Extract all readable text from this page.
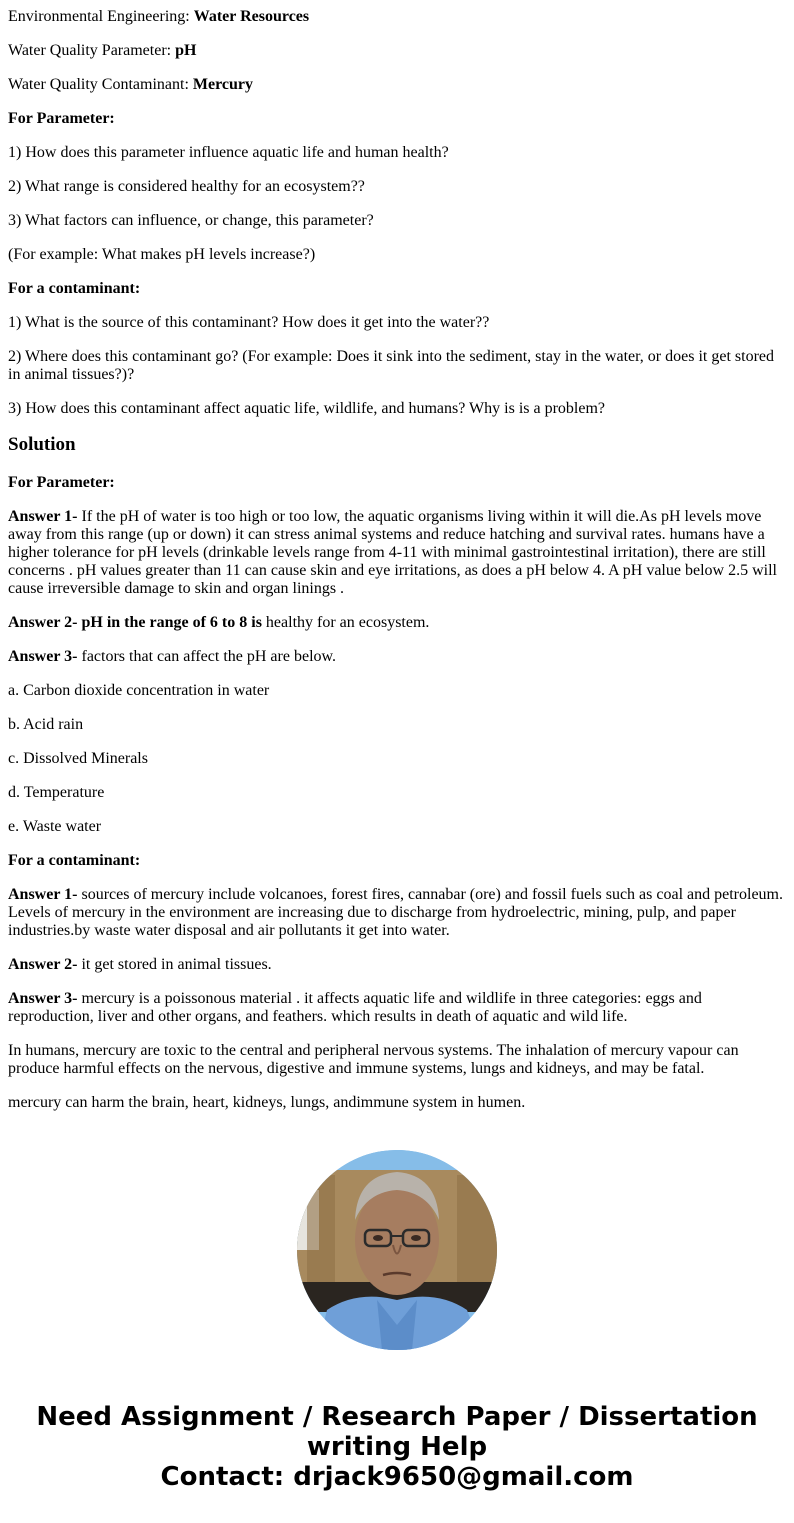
Environmental Engineering: Water Resources

Water Quality Parameter: pH

Water Quality Contaminant: Mercury

For Parameter:

1) How does this parameter influence aquatic life and human health?

2) What range is considered healthy for an ecosystem??

3) What factors can influence, or change, this parameter?

(For example: What makes pH levels increase?)

For a contaminant:

1) What is the source of this contaminant? How does it get into the water??

2) Where does this contaminant go? (For example: Does it sink into the sediment, stay in the water, or does it get stored in animal tissues?)?

3) How does this contaminant affect aquatic life, wildlife, and humans? Why is is a problem?

Solution

For Parameter:

Answer 1- If the pH of water is too high or too low, the aquatic organisms living within it will die.As pH levels move away from this range (up or down) it can stress animal systems and reduce hatching and survival rates. humans have a higher tolerance for pH levels (drinkable levels range from 4-11 with minimal gastrointestinal irritation), there are still concerns . pH values greater than 11 can cause skin and eye irritations, as does a pH below 4. A pH value below 2.5 will cause irreversible damage to skin and organ linings .

Answer 2- pH in the range of 6 to 8 is healthy for an ecosystem.

Answer 3- factors that can affect the pH are below.

a. Carbon dioxide concentration in water

b. Acid rain

c. Dissolved Minerals

d. Temperature

e. Waste water

For a contaminant:

Answer 1- sources of mercury include volcanoes, forest fires, cannabar (ore) and fossil fuels such as coal and petroleum. Levels of mercury in the environment are increasing due to discharge from hydroelectric, mining, pulp, and paper industries.by waste water disposal and air pollutants it get into water.

Answer 2- it get stored in animal tissues.

Answer 3- mercury is a poissonous material . it affects aquatic life and wildlife in three categories: eggs and reproduction, liver and other organs, and feathers. which results in death of aquatic and wild life.

In humans, mercury are toxic to the central and peripheral nervous systems. The inhalation of mercury vapour can produce harmful effects on the nervous, digestive and immune systems, lungs and kidneys, and may be fatal.

mercury can harm the brain, heart, kidneys, lungs, andimmune system in humen.

Need Assignment / Research Paper / Dissertation
writing Help
Contact: drjack9650@gmail.com
